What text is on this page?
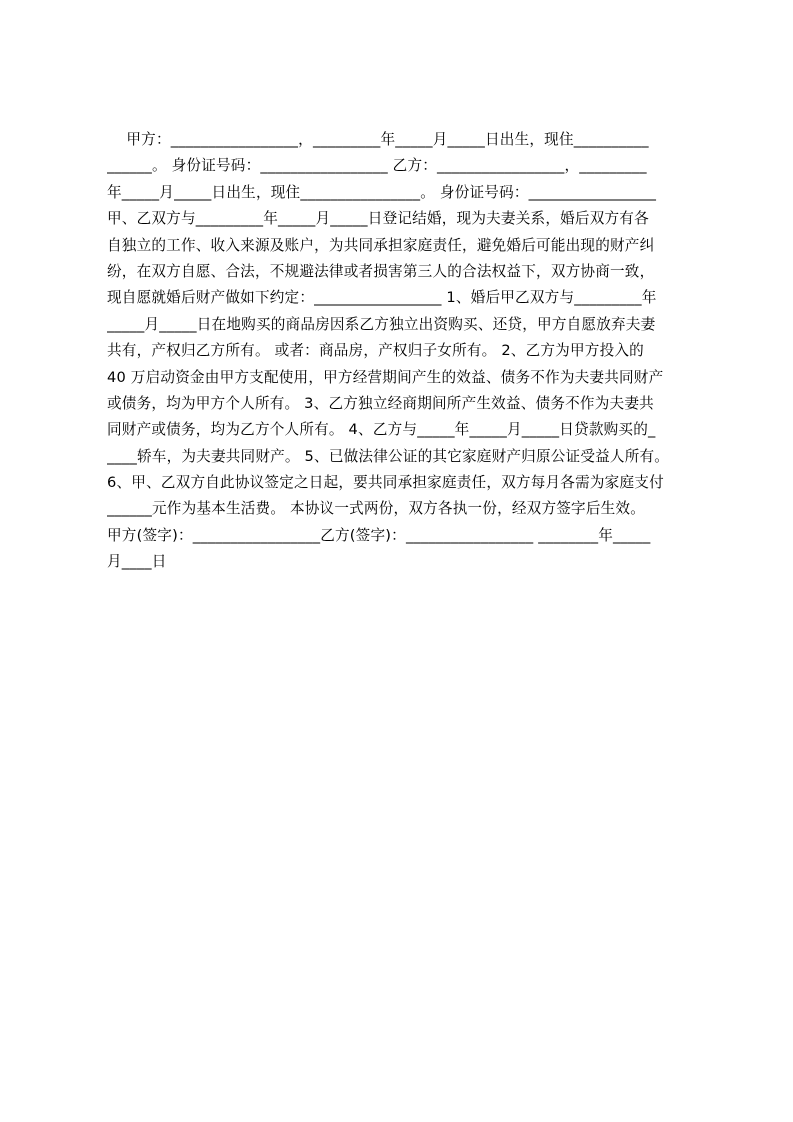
甲方：_________________，_________年_____月_____日出生，现住__________
______。 身份证号码：_________________ 乙方：_________________，_________
年_____月_____日出生，现住________________。 身份证号码：_________________
甲、乙双方与_________年_____月_____日登记结婚，现为夫妻关系，婚后双方有各
自独立的工作、收入来源及账户，为共同承担家庭责任，避免婚后可能出现的财产纠
纷，在双方自愿、合法，不规避法律或者损害第三人的合法权益下，双方协商一致，
现自愿就婚后财产做如下约定：_________________ 1、婚后甲乙双方与_________年
_____月_____日在地购买的商品房因系乙方独立出资购买、还贷，甲方自愿放弃夫妻
共有，产权归乙方所有。 或者：商品房，产权归子女所有。 2、乙方为甲方投入的
40 万启动资金由甲方支配使用，甲方经营期间产生的效益、债务不作为夫妻共同财产
或债务，均为甲方个人所有。 3、乙方独立经商期间所产生效益、债务不作为夫妻共
同财产或债务，均为乙方个人所有。 4、乙方与_____年_____月_____日贷款购买的_
____轿车，为夫妻共同财产。 5、已做法律公证的其它家庭财产归原公证受益人所有。
6、甲、乙双方自此协议签定之日起，要共同承担家庭责任，双方每月各需为家庭支付
______元作为基本生活费。 本协议一式两份，双方各执一份，经双方签字后生效。
甲方(签字)：_________________乙方(签字)：_________________ ________年_____
月____日
